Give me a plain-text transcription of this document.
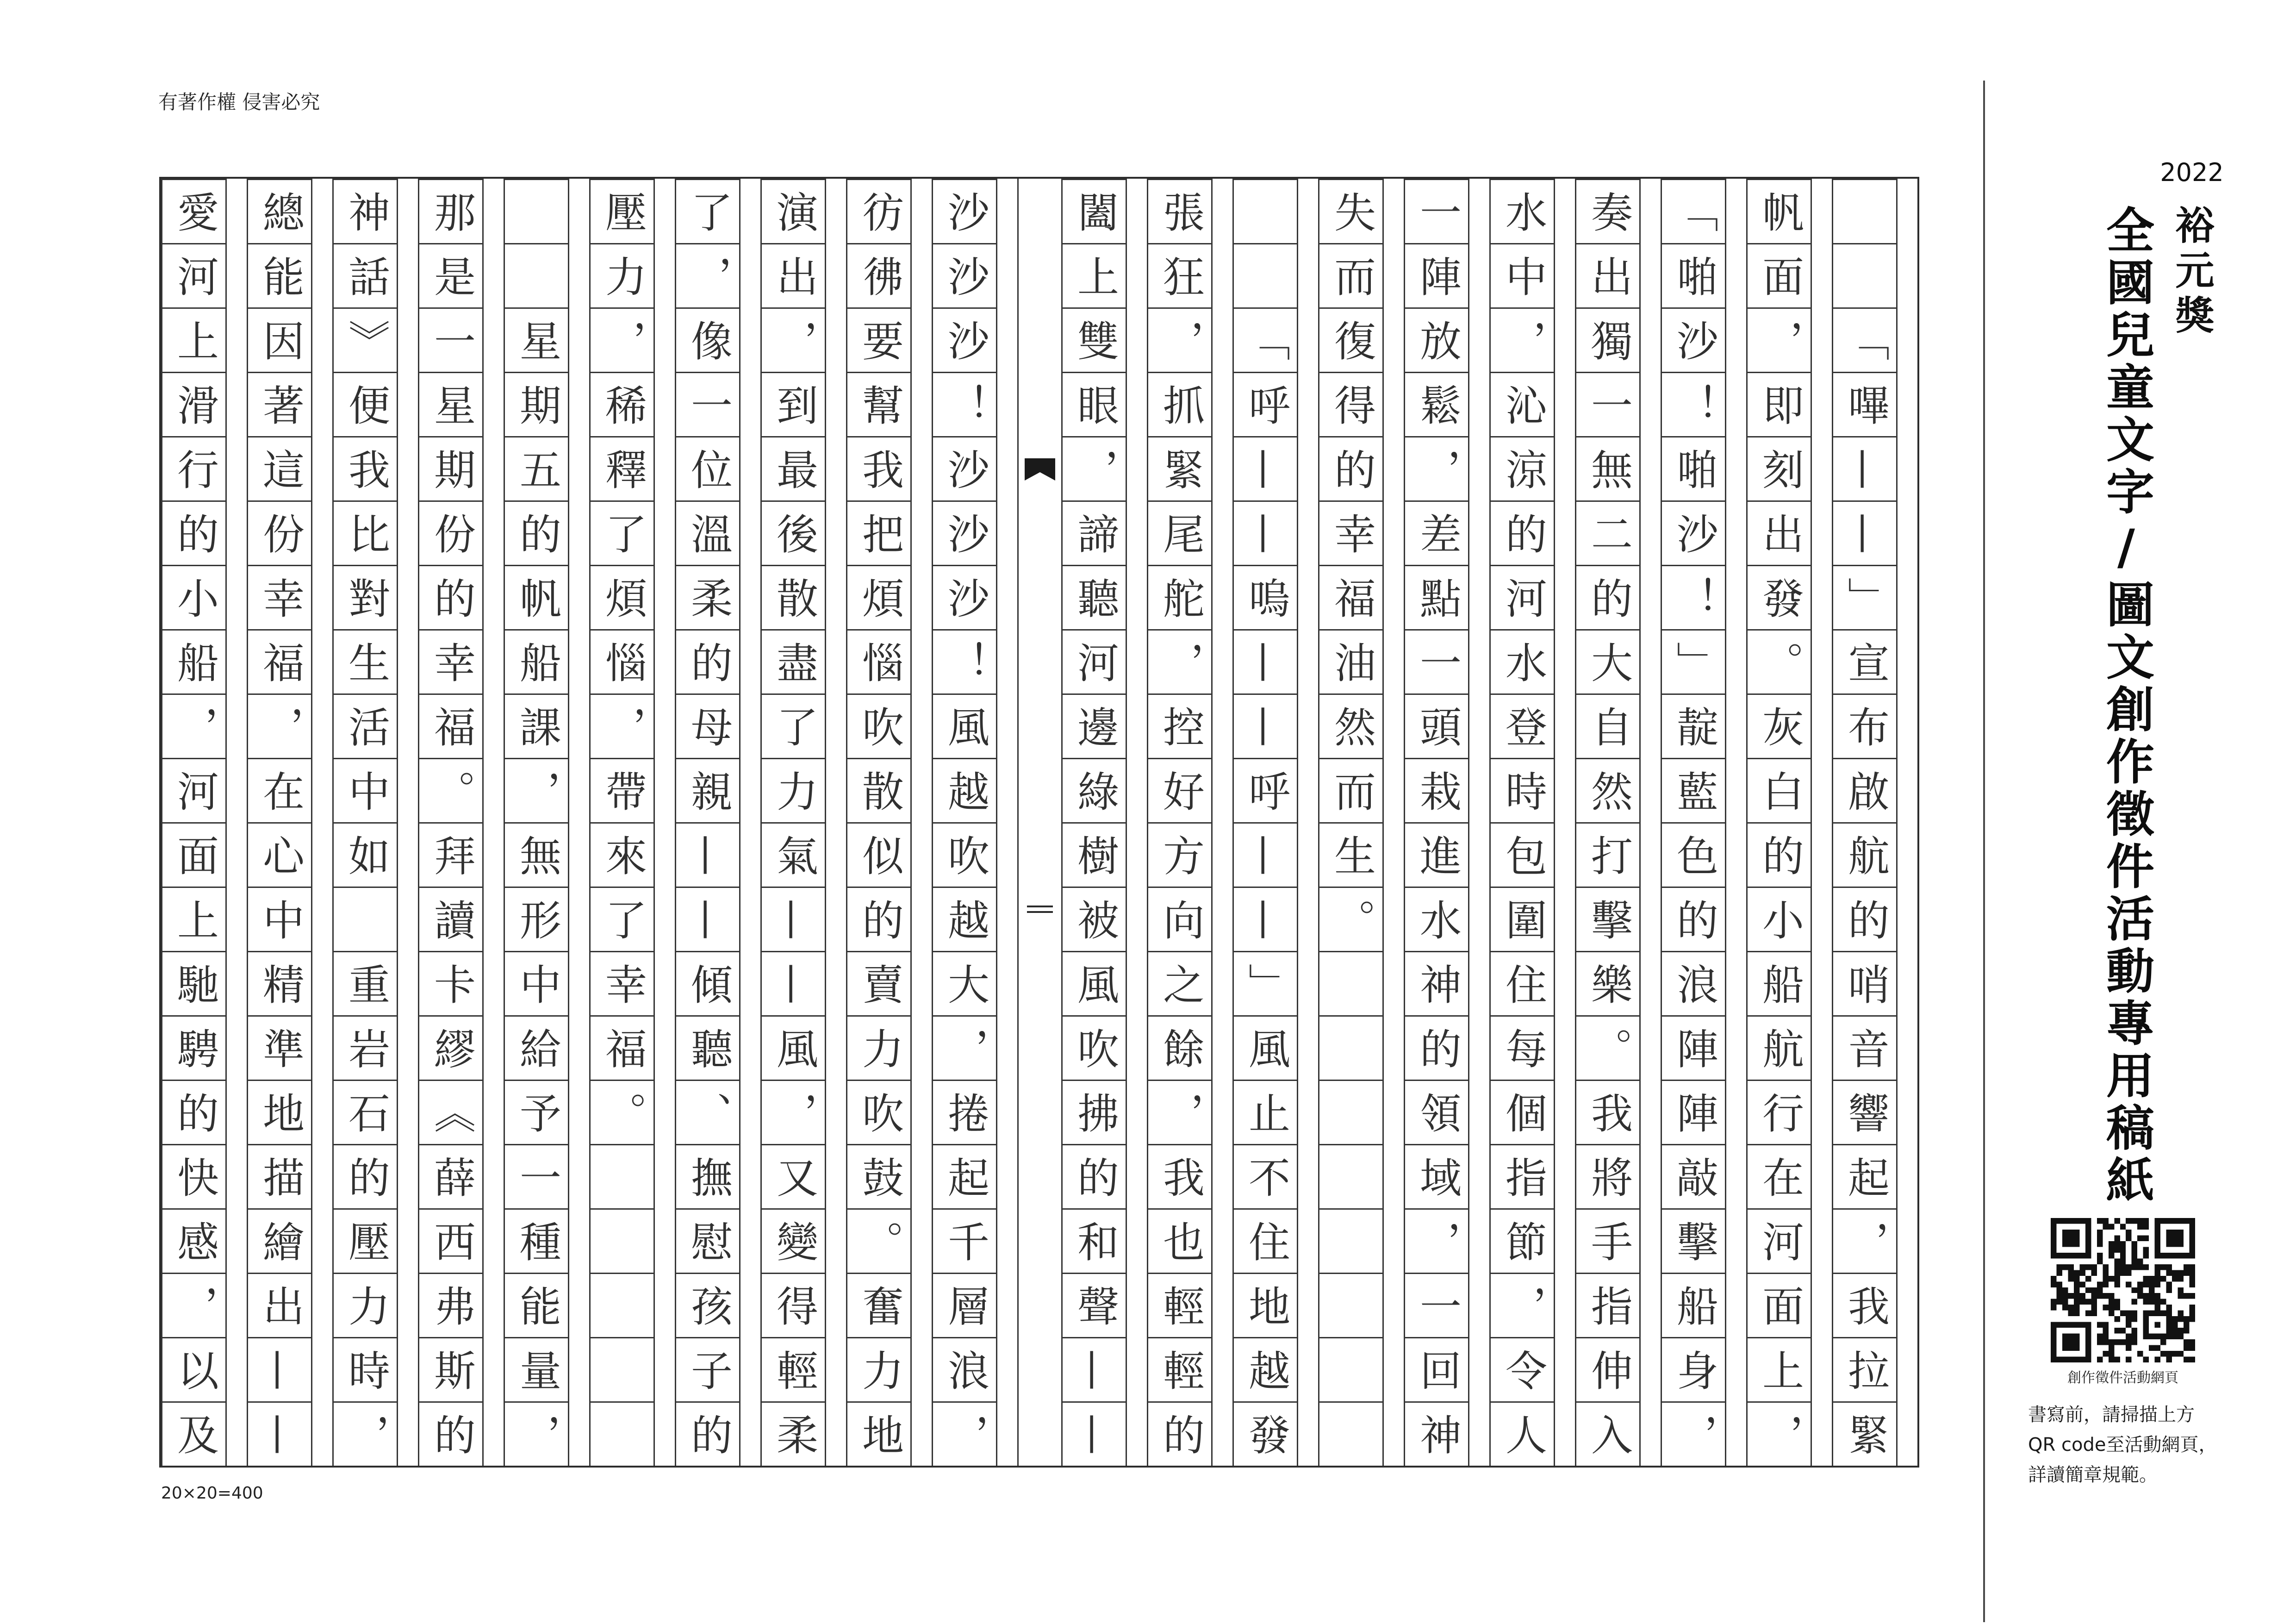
有著作權 侵害必究
20×20=400
「
嗶
—
—
」
宣
布
啟
航
的
哨
音
響
起
，
我
拉
緊
帆
面
，
即
刻
出
發
。
灰
白
的
小
船
航
行
在
河
面
上
，
「
啪
沙
！
啪
沙
！
」
靛
藍
色
的
浪
陣
陣
敲
擊
船
身
，
奏
出
獨
一
無
二
的
大
自
然
打
擊
樂
。
我
將
手
指
伸
入
水
中
，
沁
涼
的
河
水
登
時
包
圍
住
每
個
指
節
，
令
人
一
陣
放
鬆
，
差
點
一
頭
栽
進
水
神
的
領
域
，
一
回
神
失
而
復
得
的
幸
福
油
然
而
生
。
「
呼
—
—
嗚
—
—
呼
—
—
」
風
止
不
住
地
越
發
張
狂
，
抓
緊
尾
舵
，
控
好
方
向
之
餘
，
我
也
輕
輕
的
闔
上
雙
眼
，
諦
聽
河
邊
綠
樹
被
風
吹
拂
的
和
聲
—
—
沙
沙
沙
！
沙
沙
沙
！
風
越
吹
越
大
，
捲
起
千
層
浪
，
彷
彿
要
幫
我
把
煩
惱
吹
散
似
的
賣
力
吹
鼓
。
奮
力
地
演
出
，
到
最
後
散
盡
了
力
氣
—
—
風
，
又
變
得
輕
柔
了
，
像
一
位
溫
柔
的
母
親
—
—
傾
聽
、
撫
慰
孩
子
的
壓
力
，
稀
釋
了
煩
惱
，
帶
來
了
幸
福
。
星
期
五
的
帆
船
課
，
無
形
中
給
予
一
種
能
量
，
那
是
一
星
期
份
的
幸
福
。
拜
讀
卡
繆
《
薛
西
弗
斯
的
神
話
》
便
我
比
對
生
活
中
如
重
岩
石
的
壓
力
時
，
總
能
因
著
這
份
幸
福
，
在
心
中
精
準
地
描
繪
出
—
—
愛
河
上
滑
行
的
小
船
，
河
面
上
馳
騁
的
快
感
，
以
及
2022
裕元獎
全國兒童文字/圖文創作徵件活動專用稿紙
創作徵件活動網頁
書寫前，請掃描上方
QR code至活動網頁，
詳讀簡章規範。
